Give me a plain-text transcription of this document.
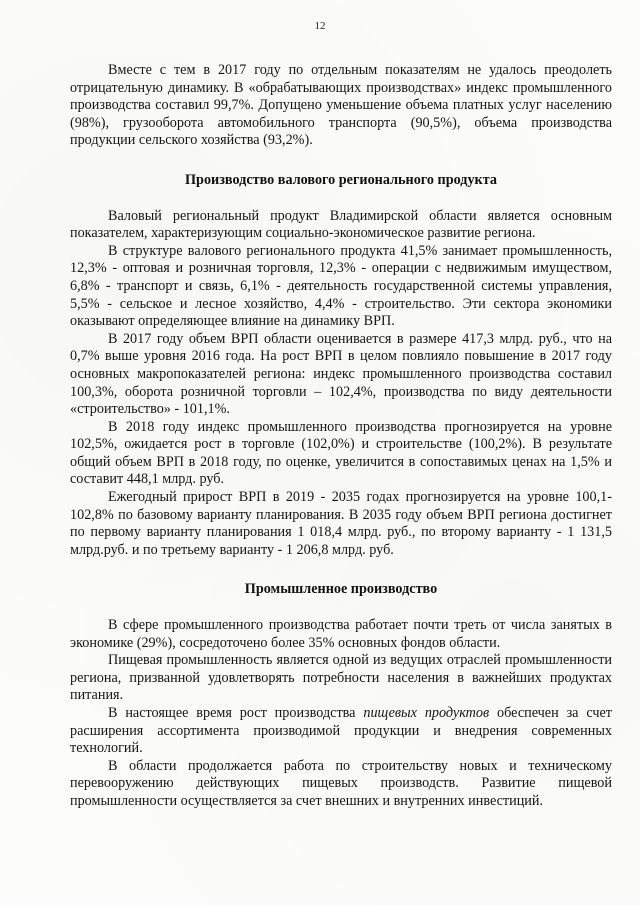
12

Вместе с тем в 2017 году по отдельным показателям не удалось преодолеть отрицательную динамику. В «обрабатывающих производствах» индекс промышленного производства составил 99,7%. Допущено уменьшение объема платных услуг населению (98%), грузооборота автомобильного транспорта (90,5%), объема производства продукции сельского хозяйства (93,2%).

Производство валового регионального продукта

Валовый региональный продукт Владимирской области является основным показателем, характеризующим социально-экономическое развитие региона.

В структуре валового регионального продукта 41,5% занимает промышленность, 12,3% - оптовая и розничная торговля, 12,3% - операции с недвижимым имуществом, 6,8% - транспорт и связь, 6,1% - деятельность государственной системы управления, 5,5% - сельское и лесное хозяйство, 4,4% - строительство. Эти сектора экономики оказывают определяющее влияние на динамику ВРП.

В 2017 году объем ВРП области оценивается в размере 417,3 млрд. руб., что на 0,7% выше уровня 2016 года. На рост ВРП в целом повлияло повышение в 2017 году основных макропоказателей региона: индекс промышленного производства составил 100,3%, оборота розничной торговли – 102,4%, производства по виду деятельности «строительство» - 101,1%.

В 2018 году индекс промышленного производства прогнозируется на уровне 102,5%, ожидается рост в торговле (102,0%) и строительстве (100,2%). В результате общий объем ВРП в 2018 году, по оценке, увеличится в сопоставимых ценах на 1,5% и составит 448,1 млрд. руб.

Ежегодный прирост ВРП в 2019 - 2035 годах прогнозируется на уровне 100,1-102,8% по базовому варианту планирования. В 2035 году объем ВРП региона достигнет по первому варианту планирования 1 018,4 млрд. руб., по второму варианту - 1 131,5 млрд.руб. и по третьему варианту - 1 206,8 млрд. руб.

Промышленное производство

В сфере промышленного производства работает почти треть от числа занятых в экономике (29%), сосредоточено более 35% основных фондов области.

Пищевая промышленность является одной из ведущих отраслей промышленности региона, призванной удовлетворять потребности населения в важнейших продуктах питания.

В настоящее время рост производства пищевых продуктов обеспечен за счет расширения ассортимента производимой продукции и внедрения современных технологий.

В области продолжается работа по строительству новых и техническому перевооружению действующих пищевых производств. Развитие пищевой промышленности осуществляется за счет внешних и внутренних инвестиций.
